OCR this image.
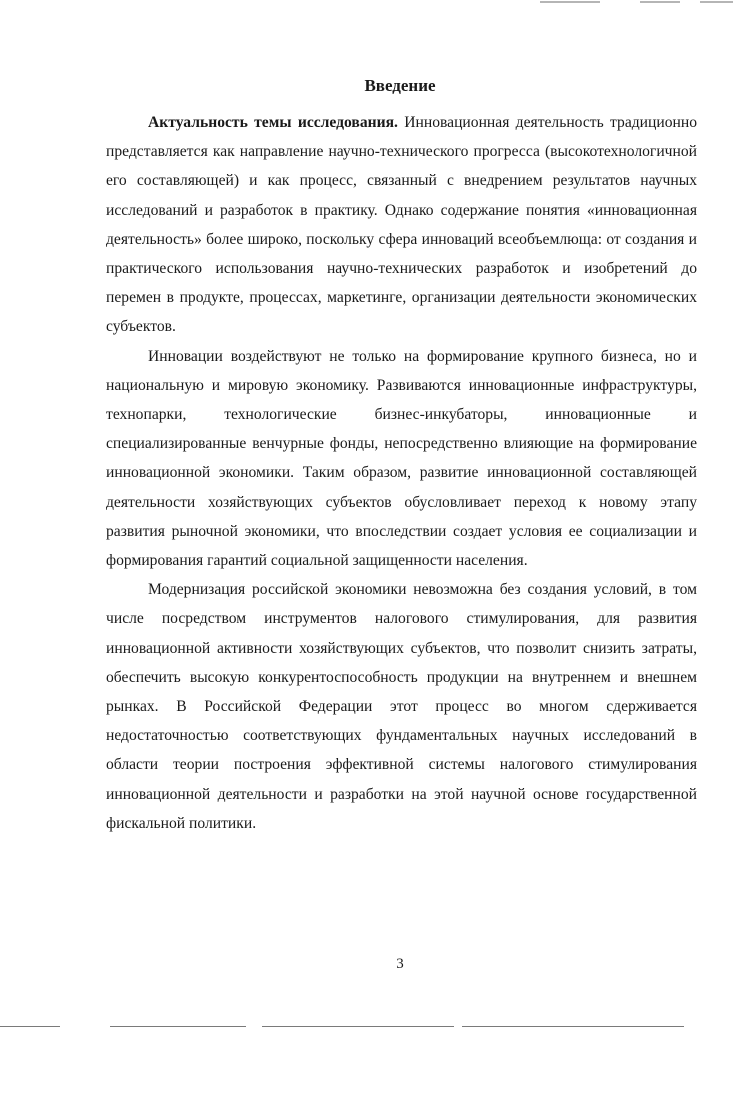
Введение

Актуальность темы исследования. Инновационная деятельность традиционно представляется как направление научно-технического прогресса (высокотехнологичной его составляющей) и как процесс, связанный с внедрением результатов научных исследований и разработок в практику. Однако содержание понятия «инновационная деятельность» более широко, поскольку сфера инноваций всеобъемлюща: от создания и практического использования научно-технических разработок и изобретений до перемен в продукте, процессах, маркетинге, организации деятельности экономических субъектов.

Инновации воздействуют не только на формирование крупного бизнеса, но и национальную и мировую экономику. Развиваются инновационные инфраструктуры, технопарки, технологические бизнес-инкубаторы, инновационные и специализированные венчурные фонды, непосредственно влияющие на формирование инновационной экономики. Таким образом, развитие инновационной составляющей деятельности хозяйствующих субъектов обусловливает переход к новому этапу развития рыночной экономики, что впоследствии создает условия ее социализации и формирования гарантий социальной защищенности населения.

Модернизация российской экономики невозможна без создания условий, в том числе посредством инструментов налогового стимулирования, для развития инновационной активности хозяйствующих субъектов, что позволит снизить затраты, обеспечить высокую конкурентоспособность продукции на внутреннем и внешнем рынках. В Российской Федерации этот процесс во многом сдерживается недостаточностью соответствующих фундаментальных научных исследований в области теории построения эффективной системы налогового стимулирования инновационной деятельности и разработки на этой научной основе государственной фискальной политики.

3
